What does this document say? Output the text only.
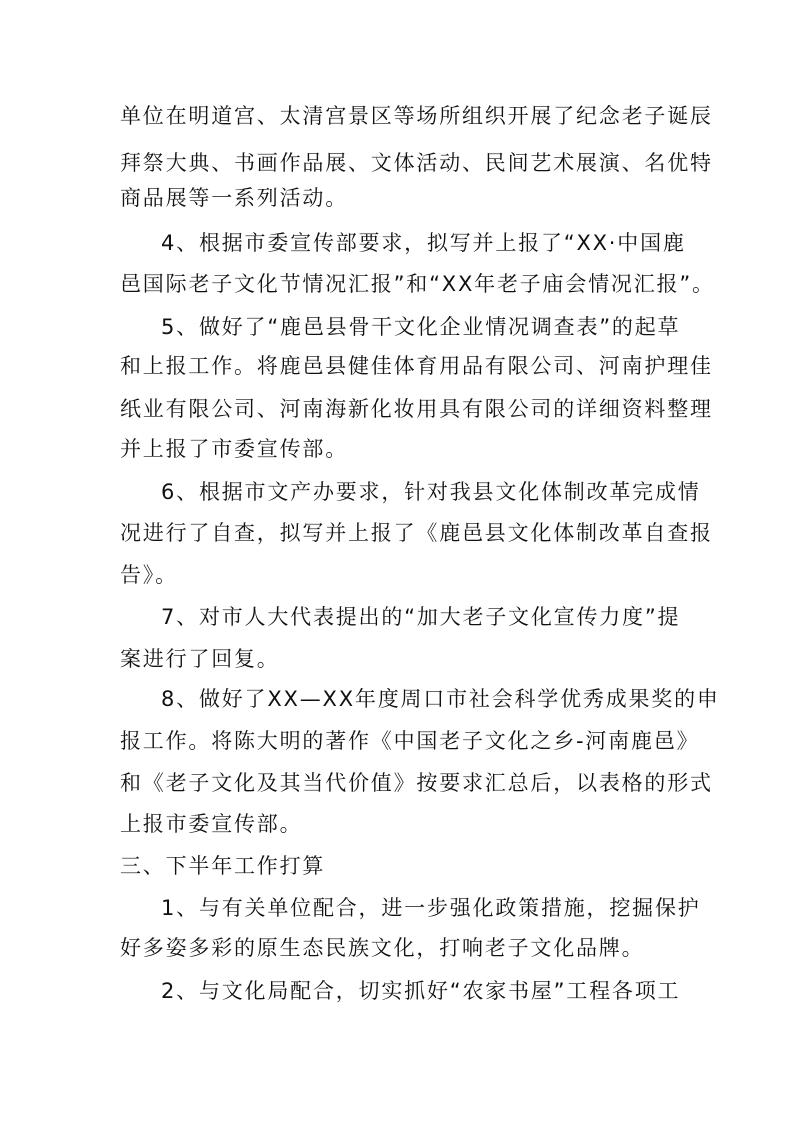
单位在明道宫、太清宫景区等场所组织开展了纪念老子诞辰
拜祭大典、书画作品展、文体活动、民间艺术展演、名优特
商品展等一系列活动。
4、根据市委宣传部要求，拟写并上报了“XX·中国鹿
邑国际老子文化节情况汇报”和“XX年老子庙会情况汇报”。
5、做好了“鹿邑县骨干文化企业情况调查表”的起草
和上报工作。将鹿邑县健佳体育用品有限公司、河南护理佳
纸业有限公司、河南海新化妆用具有限公司的详细资料整理
并上报了市委宣传部。
6、根据市文产办要求，针对我县文化体制改革完成情
况进行了自查，拟写并上报了《鹿邑县文化体制改革自查报
告》。
7、对市人大代表提出的“加大老子文化宣传力度”提
案进行了回复。
8、做好了XX—XX年度周口市社会科学优秀成果奖的申
报工作。将陈大明的著作《中国老子文化之乡-河南鹿邑》
和《老子文化及其当代价值》按要求汇总后，以表格的形式
上报市委宣传部。
三、下半年工作打算
1、与有关单位配合，进一步强化政策措施，挖掘保护
好多姿多彩的原生态民族文化，打响老子文化品牌。
2、与文化局配合，切实抓好“农家书屋”工程各项工
